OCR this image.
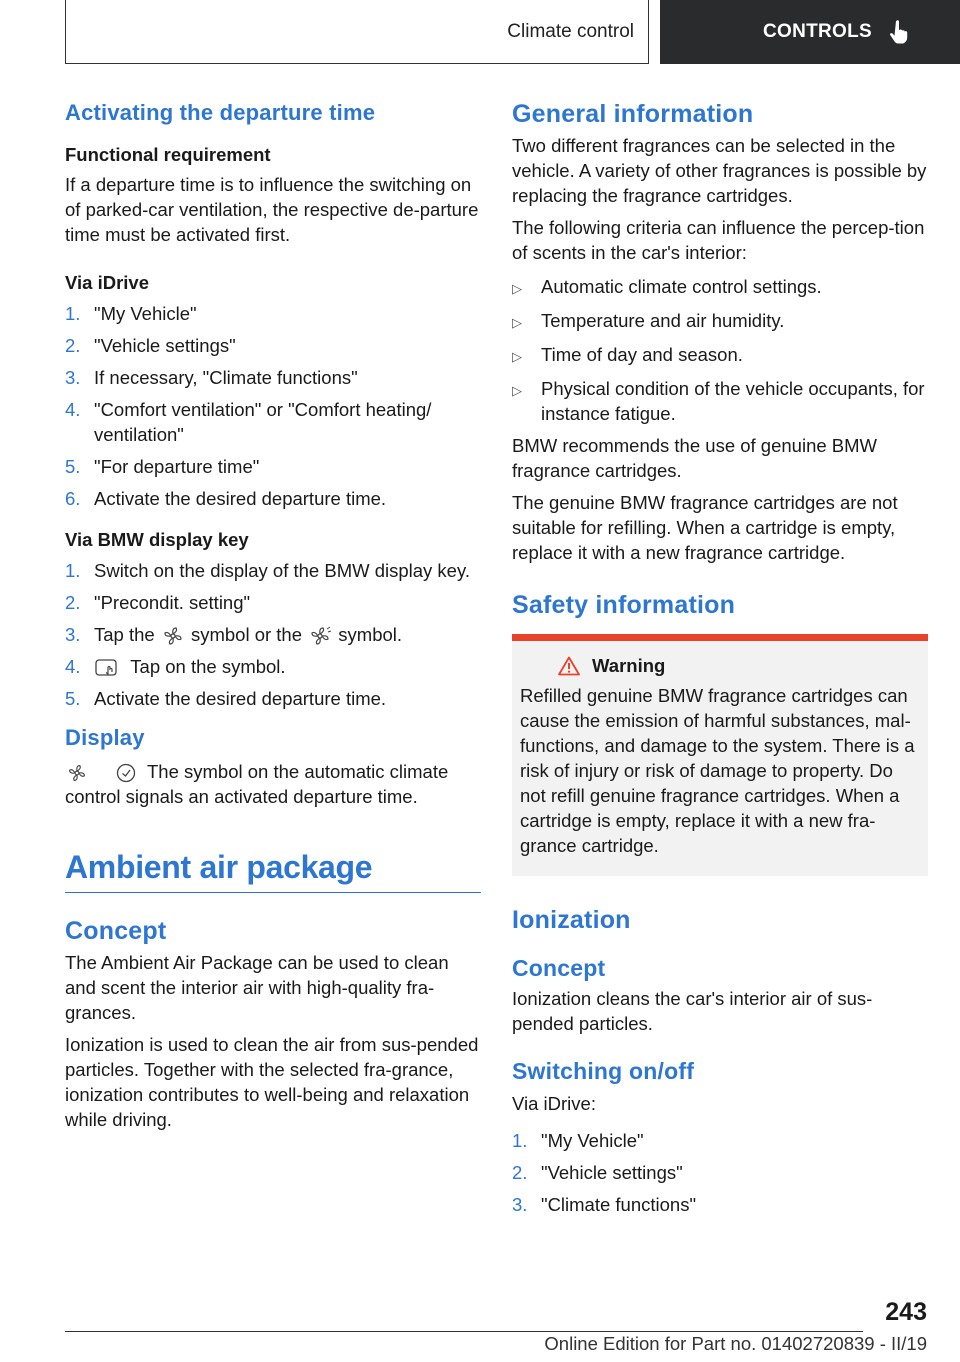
Climate control	CONTROLS
Activating the departure time
Functional requirement

If a departure time is to influence the switching on of parked-car ventilation, the respective de-parture time must be activated first.

Via iDrive
1. "My Vehicle"
2. "Vehicle settings"
3. If necessary, "Climate functions"
4. "Comfort ventilation" or "Comfort heating/ ventilation"
5. "For departure time"
6. Activate the desired departure time.
Via BMW display key
1. Switch on the display of the BMW display key.
2. "Precondit. setting"
3. Tap the symbol or the symbol.
4.	Tap on the symbol.
5. Activate the desired departure time.
Display

The symbol on the automatic climate control signals an activated departure time.

Ambient air package
Concept

The Ambient Air Package can be used to clean and scent the interior air with high-quality fra-grances.

Ionization is used to clean the air from sus-pended particles. Together with the selected fra-grance, ionization contributes to well-being and relaxation while driving.

General information

Two different fragrances can be selected in the vehicle. A variety of other fragrances is possible by replacing the fragrance cartridges.

The following criteria can influence the percep-tion of scents in the car's interior:

▷	Automatic climate control settings.
▷	Temperature and air humidity.
▷	Time of day and season.
▷	Physical condition of the vehicle occupants, for instance fatigue.

BMW recommends the use of genuine BMW fragrance cartridges.

The genuine BMW fragrance cartridges are not suitable for refilling. When a cartridge is empty, replace it with a new fragrance cartridge.

Safety information
Warning

Refilled genuine BMW fragrance cartridges can cause the emission of harmful substances, mal-functions, and damage to the system. There is a risk of injury or risk of damage to property. Do not refill genuine fragrance cartridges. When a cartridge is empty, replace it with a new fra-grance cartridge.

Ionization
Concept

Ionization cleans the car's interior air of sus-pended particles.

Switching on/off

Via iDrive:

1. "My Vehicle"
2. "Vehicle settings"
3. "Climate functions"
243
Online Edition for Part no. 01402720839 - II/19
